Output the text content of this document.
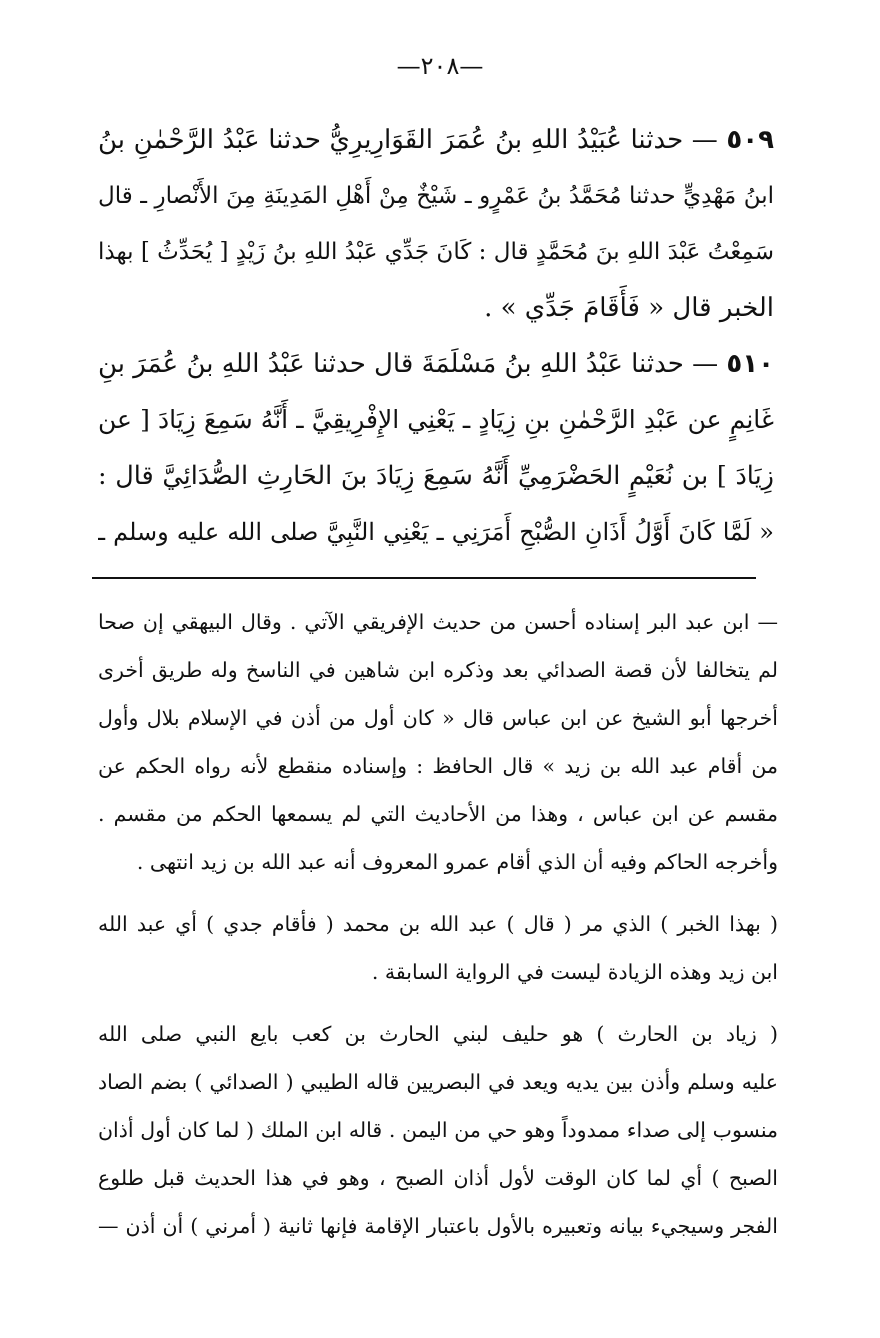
—٢٠٨—
٥٠٩ — حدثنا عُبَيْدُ اللهِ بنُ عُمَرَ القَوَارِيرِيُّ حدثنا عَبْدُ الرَّحْمٰنِ بنُ
ابنُ مَهْدِيٍّ حدثنا مُحَمَّدُ بنُ عَمْرٍو ـ شَيْخٌ مِنْ أَهْلِ المَدِينَةِ مِنَ الأَنْصارِ ـ قال
سَمِعْتُ عَبْدَ اللهِ بنَ مُحَمَّدٍ قال : كَانَ جَدِّي عَبْدُ اللهِ بنُ زَيْدٍ [ يُحَدِّثُ ] بهذا
الخبر قال « فَأَقَامَ جَدِّي » .
٥١٠ — حدثنا عَبْدُ اللهِ بنُ مَسْلَمَةَ قال حدثنا عَبْدُ اللهِ بنُ عُمَرَ بنِ
غَانِمٍ عن عَبْدِ الرَّحْمٰنِ بنِ زِيَادٍ ـ يَعْنِي الإِفْرِيقِيَّ ـ أَنَّهُ سَمِعَ زِيَادَ [ عن
زِيَادَ ] بن نُعَيْمٍ الحَضْرَمِيِّ أَنَّهُ سَمِعَ زِيَادَ بنَ الحَارِثِ الصُّدَائِيَّ قال :
« لَمَّا كَانَ أَوَّلُ أَذَانِ الصُّبْحِ أَمَرَنِي ـ يَعْنِي النَّبِيَّ صلى الله عليه وسلم ـ
— ابن عبد البر إسناده أحسن من حديث الإفريقي الآتي . وقال البيهقي إن صحا
لم يتخالفا لأن قصة الصدائي بعد وذكره ابن شاهين في الناسخ وله طريق أخرى
أخرجها أبو الشيخ عن ابن عباس قال « كان أول من أذن في الإسلام بلال وأول
من أقام عبد الله بن زيد » قال الحافظ : وإسناده منقطع لأنه رواه الحكم عن
مقسم عن ابن عباس ، وهذا من الأحاديث التي لم يسمعها الحكم من مقسم .
وأخرجه الحاكم وفيه أن الذي أقام عمرو المعروف أنه عبد الله بن زيد انتهى .
( بهذا الخبر ) الذي مر ( قال ) عبد الله بن محمد ( فأقام جدي ) أي عبد الله
ابن زيد وهذه الزيادة ليست في الرواية السابقة .
( زياد بن الحارث ) هو حليف لبني الحارث بن كعب بايع النبي صلى الله
عليه وسلم وأذن بين يديه ويعد في البصريين قاله الطيبي ( الصدائي ) بضم الصاد
منسوب إلى صداء ممدوداً وهو حي من اليمن . قاله ابن الملك ( لما كان أول أذان
الصبح ) أي لما كان الوقت لأول أذان الصبح ، وهو في هذا الحديث قبل طلوع
الفجر وسيجيء بيانه وتعبيره بالأول باعتبار الإقامة فإنها ثانية ( أمرني ) أن أذن —
